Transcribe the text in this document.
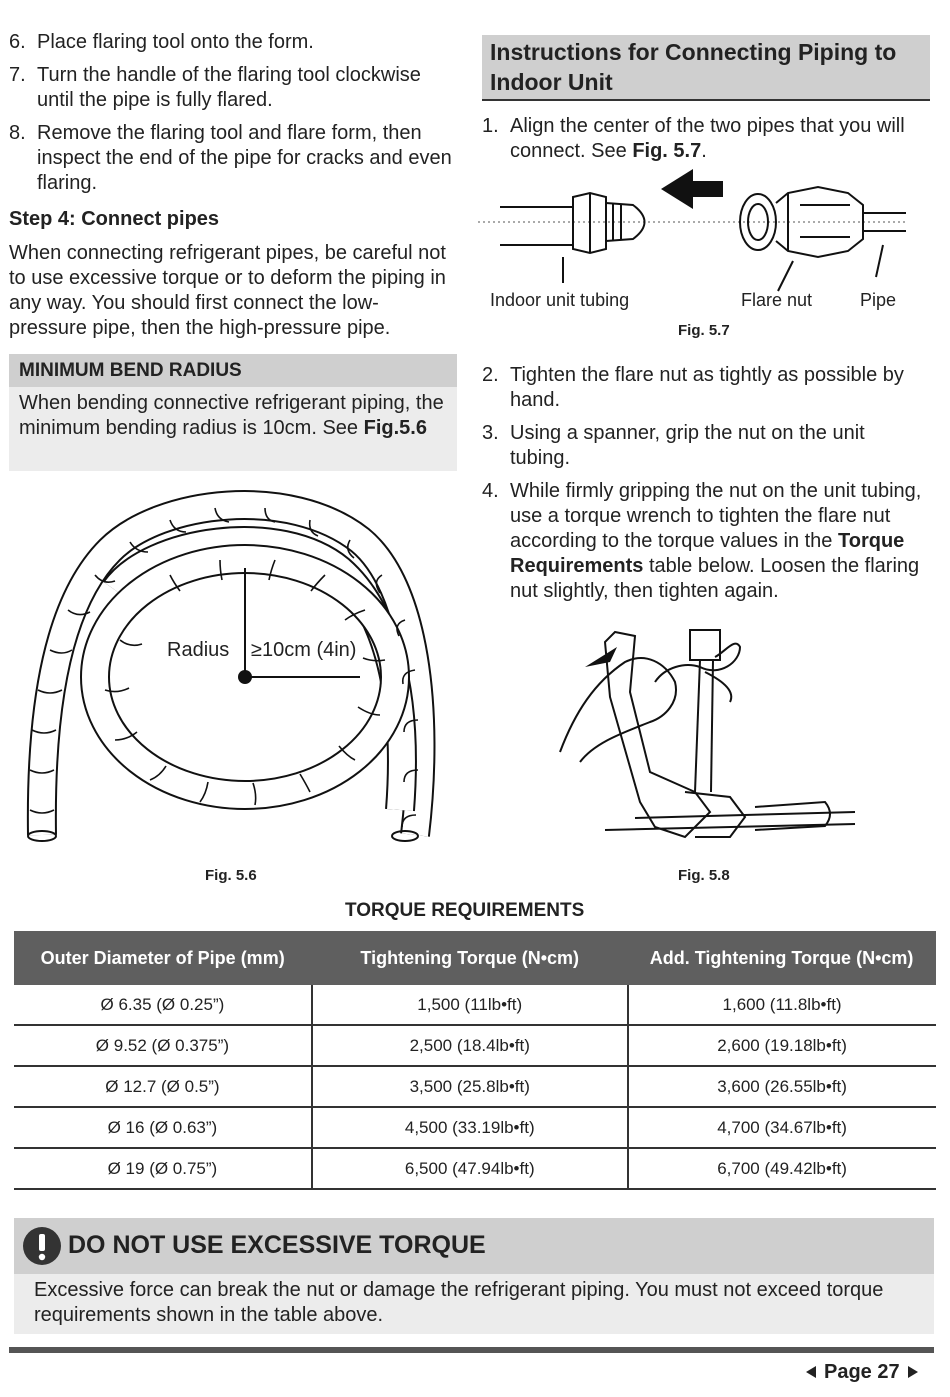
6. Place flaring tool onto the form.
7. Turn the handle of the flaring tool clockwise until the pipe is fully flared.
8. Remove the flaring tool and flare form, then inspect the end of the pipe for cracks and even flaring.
Step 4: Connect pipes
When connecting refrigerant pipes, be careful not to use excessive torque or to deform the piping in any way. You should first connect the low-pressure pipe, then the high-pressure pipe.
MINIMUM BEND RADIUS
When bending connective refrigerant piping, the minimum bending radius is 10cm. See Fig.5.6
Radius ≥10cm (4in)
Fig. 5.6
Instructions for Connecting Piping to Indoor Unit
1. Align the center of the two pipes that you will connect. See Fig. 5.7.
Indoor unit tubing	Flare nut	Pipe
Fig. 5.7
2. Tighten the flare nut as tightly as possible by hand.
3. Using a spanner, grip the nut on the unit tubing.
4. While firmly gripping the nut on the unit tubing, use a torque wrench to tighten the flare nut according to the torque values in the Torque Requirements table below. Loosen the flaring nut slightly, then tighten again.
Fig. 5.8
TORQUE REQUIREMENTS
Outer Diameter of Pipe (mm)	Tightening Torque (N•cm)	Add. Tightening Torque (N•cm)
Ø 6.35 (Ø 0.25”)	1,500 (11lb•ft)	1,600 (11.8lb•ft)
Ø 9.52 (Ø 0.375”)	2,500 (18.4lb•ft)	2,600 (19.18lb•ft)
Ø 12.7 (Ø 0.5”)	3,500 (25.8lb•ft)	3,600 (26.55lb•ft)
Ø 16 (Ø 0.63”)	4,500 (33.19lb•ft)	4,700 (34.67lb•ft)
Ø 19 (Ø 0.75”)	6,500 (47.94lb•ft)	6,700 (49.42lb•ft)
DO NOT USE EXCESSIVE TORQUE
Excessive force can break the nut or damage the refrigerant piping. You must not exceed torque requirements shown in the table above.
Page 27
